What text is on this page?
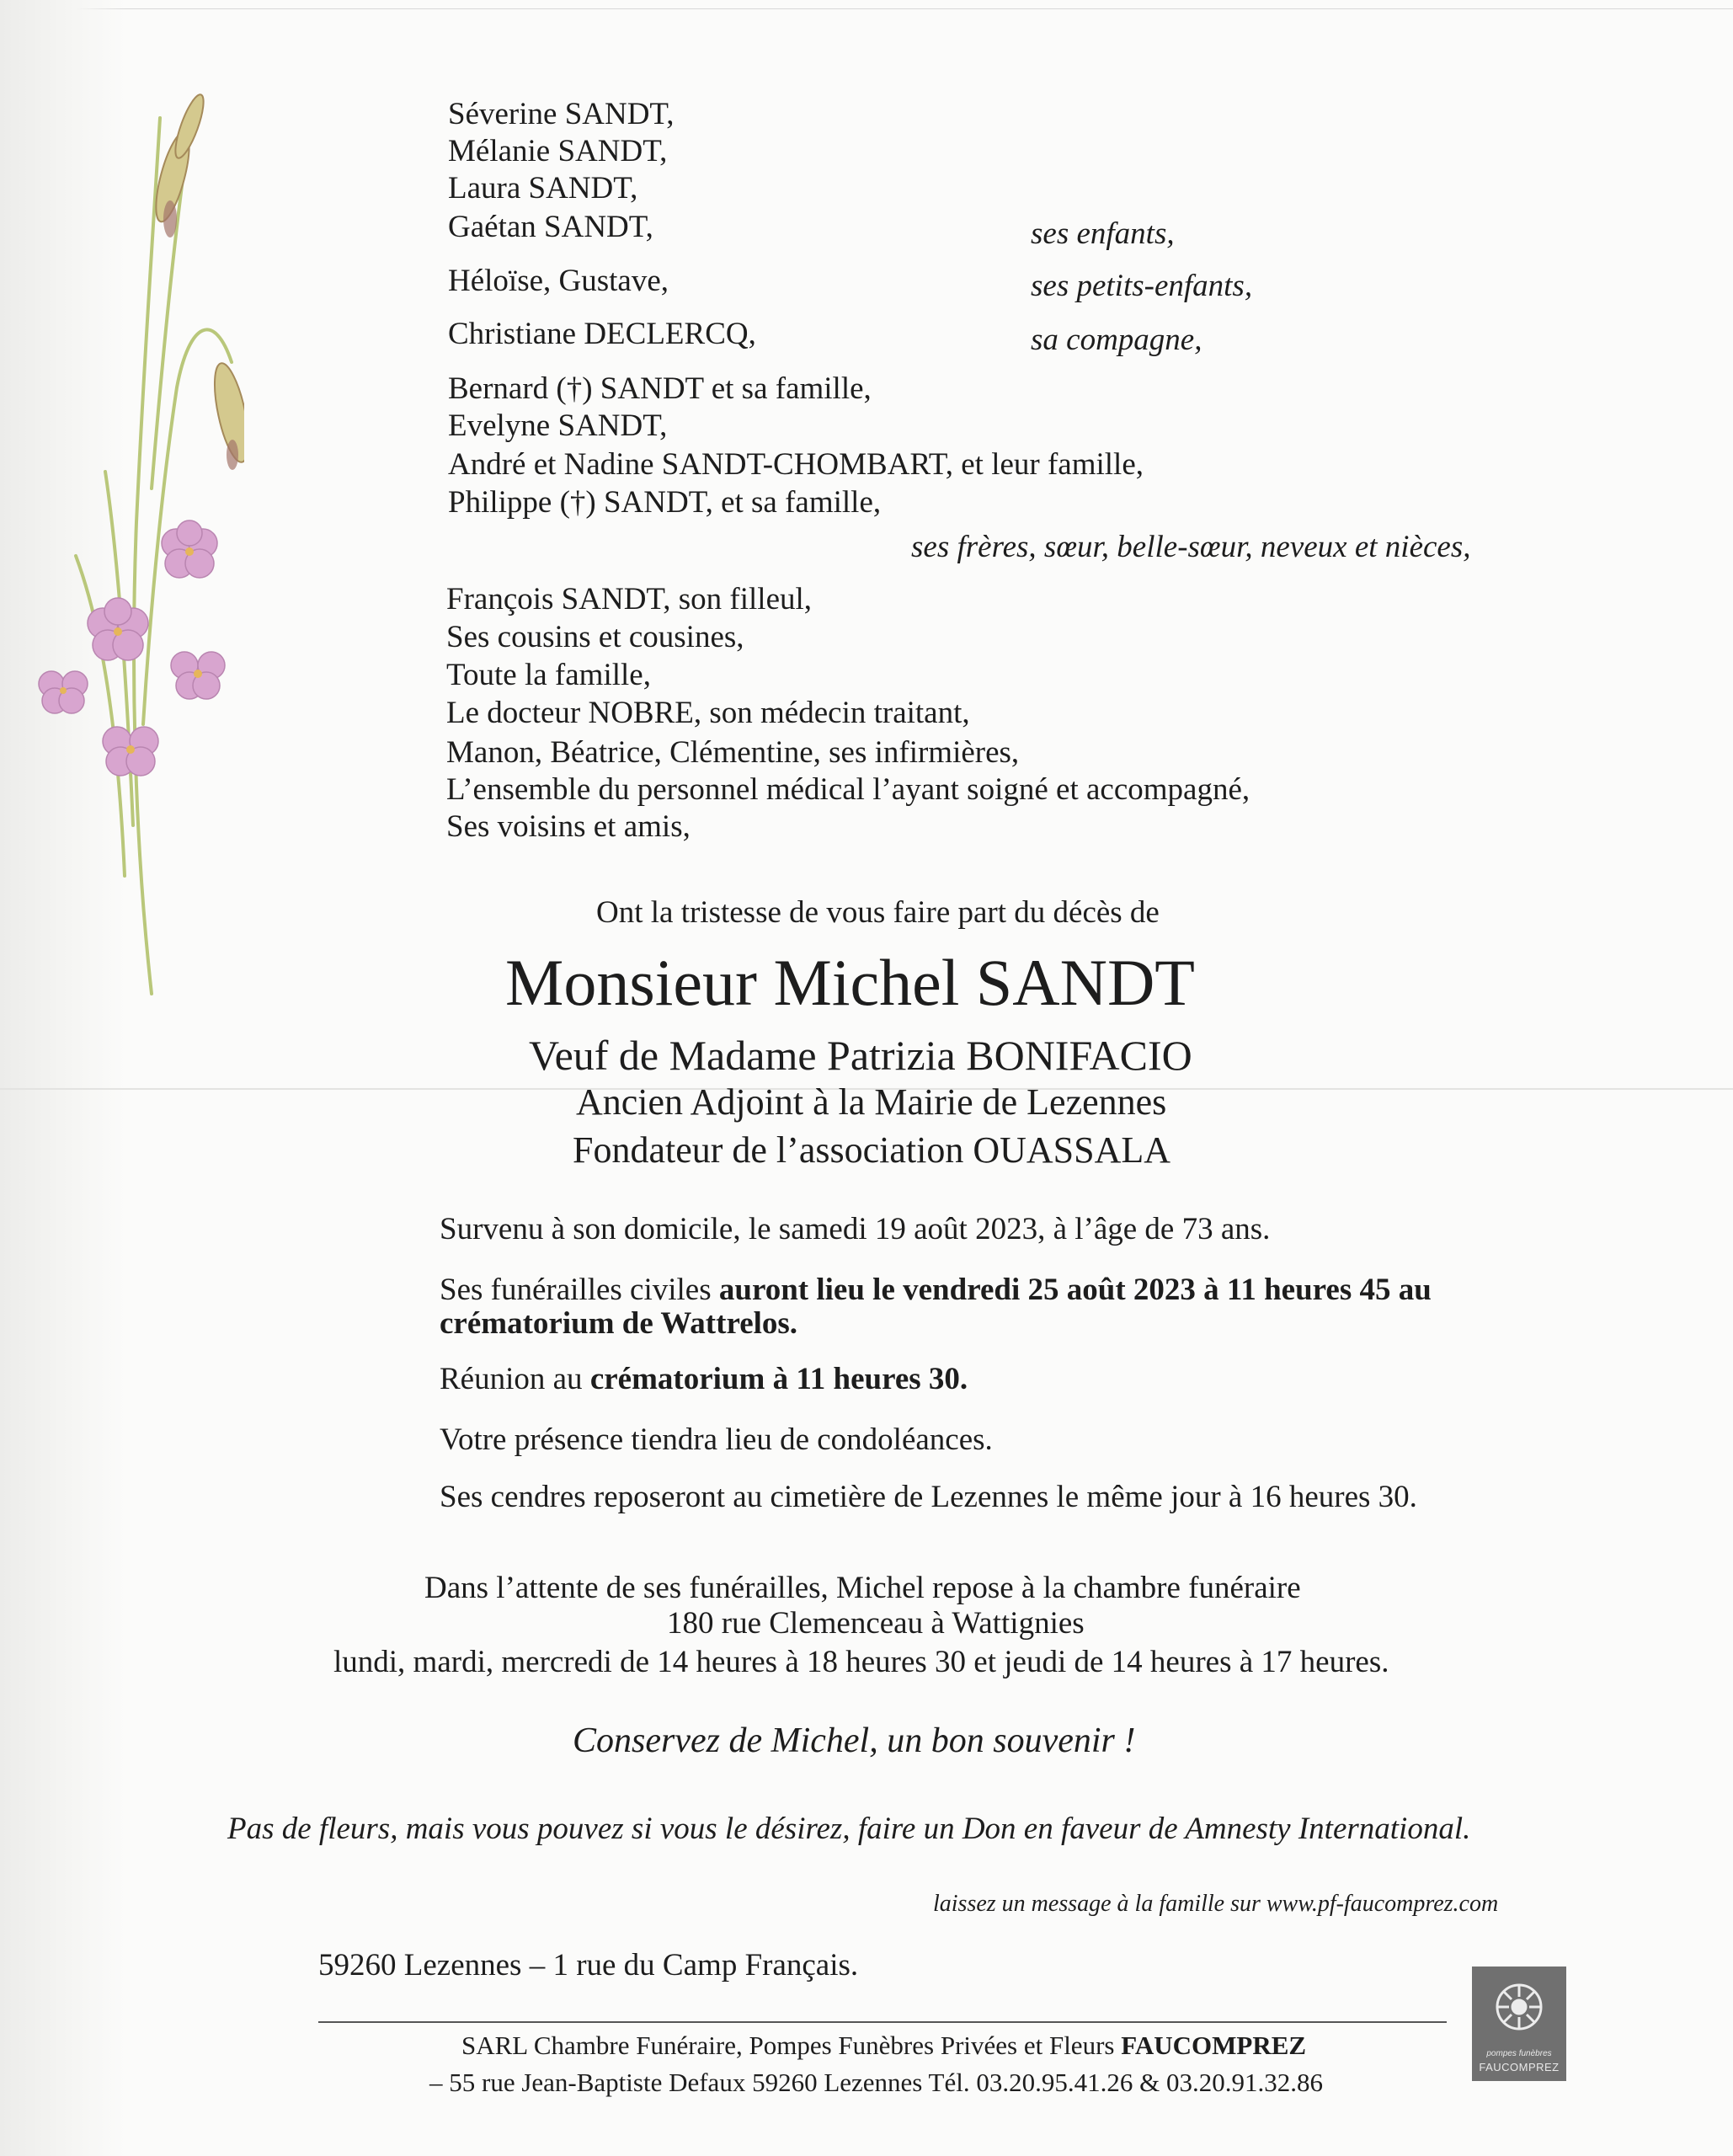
Séverine SANDT,
Mélanie SANDT,
Laura SANDT,
Gaétan SANDT,	ses enfants,
Héloïse, Gustave,	ses petits-enfants,
Christiane DECLERCQ,	sa compagne,
Bernard (†) SANDT et sa famille,
Evelyne SANDT,
André et Nadine SANDT-CHOMBART, et leur famille,
Philippe (†) SANDT, et sa famille,
ses frères, sœur, belle-sœur, neveux et nièces,
François SANDT, son filleul,
Ses cousins et cousines,
Toute la famille,
Le docteur NOBRE, son médecin traitant,
Manon, Béatrice, Clémentine, ses infirmières,
L’ensemble du personnel médical l’ayant soigné et accompagné,
Ses voisins et amis,
Ont la tristesse de vous faire part du décès de
Monsieur Michel SANDT
Veuf de Madame Patrizia BONIFACIO
Ancien Adjoint à la Mairie de Lezennes
Fondateur de l’association OUASSALA
Survenu à son domicile, le samedi 19 août 2023, à l’âge de 73 ans.
Ses funérailles civiles auront lieu le vendredi 25 août 2023 à 11 heures 45 au
crématorium de Wattrelos.
Réunion au crématorium à 11 heures 30.
Votre présence tiendra lieu de condoléances.
Ses cendres reposeront au cimetière de Lezennes le même jour à 16 heures 30.
Dans l’attente de ses funérailles, Michel repose à la chambre funéraire
180 rue Clemenceau à Wattignies
lundi, mardi, mercredi de 14 heures à 18 heures 30 et jeudi de 14 heures à 17 heures.
Conservez de Michel, un bon souvenir !
Pas de fleurs, mais vous pouvez si vous le désirez, faire un Don en faveur de Amnesty International.
laissez un message à la famille sur www.pf-faucomprez.com
59260 Lezennes – 1 rue du Camp Français.
SARL Chambre Funéraire, Pompes Funèbres Privées et Fleurs FAUCOMPREZ
– 55 rue Jean-Baptiste Defaux 59260 Lezennes Tél. 03.20.95.41.26 & 03.20.91.32.86
pompes funèbres
FAUCOMPREZ
